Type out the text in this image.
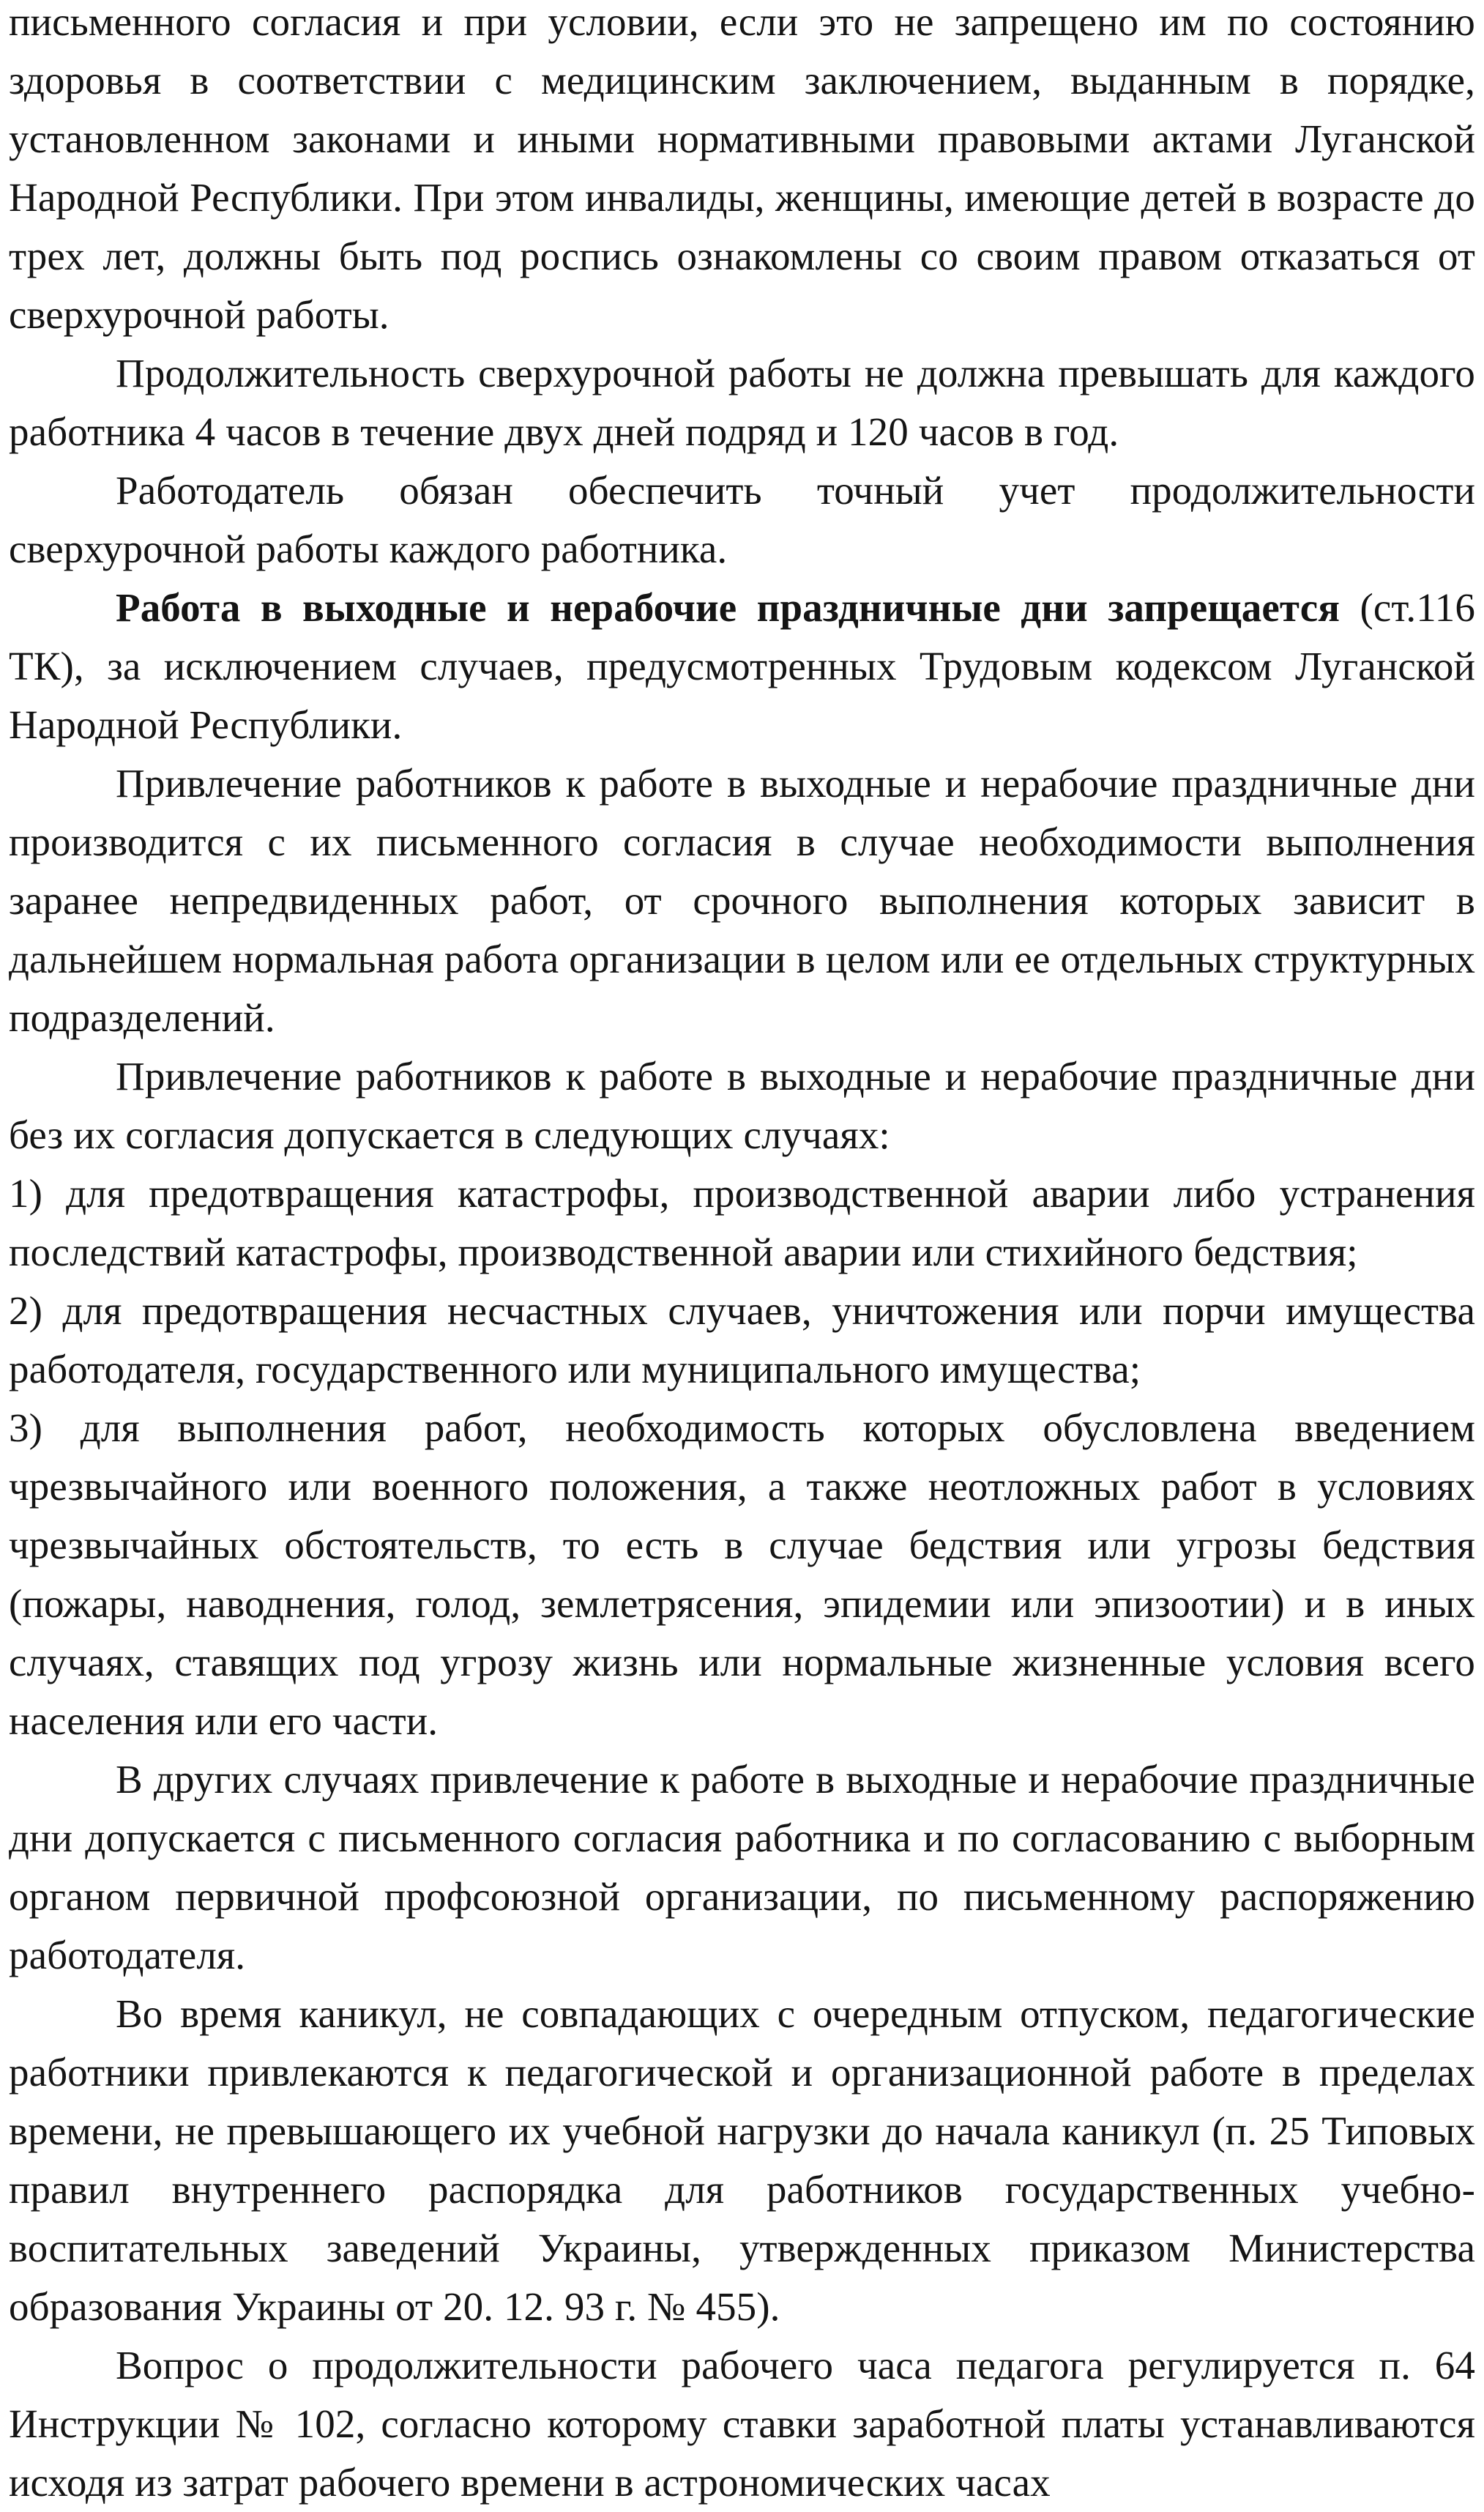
письменного согласия и при условии, если это не запрещено им по состоянию здоровья в соответствии с медицинским заключением, выданным в порядке, установленном законами и иными нормативными правовыми актами Луганской Народной Республики. При этом инвалиды, женщины, имеющие детей в возрасте до трех лет, должны быть под роспись ознакомлены со своим правом отказаться от сверхурочной работы.

Продолжительность сверхурочной работы не должна превышать для каждого работника 4 часов в течение двух дней подряд и 120 часов в год.

Работодатель обязан обеспечить точный учет продолжительности сверхурочной работы каждого работника.

Работа в выходные и нерабочие праздничные дни запрещается (ст.116 ТК), за исключением случаев, предусмотренных Трудовым кодексом Луганской Народной Республики.

Привлечение работников к работе в выходные и нерабочие праздничные дни производится с их письменного согласия в случае необходимости выполнения заранее непредвиденных работ, от срочного выполнения которых зависит в дальнейшем нормальная работа организации в целом или ее отдельных структурных подразделений.

Привлечение работников к работе в выходные и нерабочие праздничные дни без их согласия допускается в следующих случаях:

1) для предотвращения катастрофы, производственной аварии либо устранения последствий катастрофы, производственной аварии или стихийного бедствия;

2) для предотвращения несчастных случаев, уничтожения или порчи имущества работодателя, государственного или муниципального имущества;

3) для выполнения работ, необходимость которых обусловлена введением чрезвычайного или военного положения, а также неотложных работ в условиях чрезвычайных обстоятельств, то есть в случае бедствия или угрозы бедствия (пожары, наводнения, голод, землетрясения, эпидемии или эпизоотии) и в иных случаях, ставящих под угрозу жизнь или нормальные жизненные условия всего населения или его части.

В других случаях привлечение к работе в выходные и нерабочие праздничные дни допускается с письменного согласия работника и по согласованию с выборным органом первичной профсоюзной организации, по письменному распоряжению работодателя.

Во время каникул, не совпадающих с очередным отпуском, педагогические работники привлекаются к педагогической и организационной работе в пределах времени, не превышающего их учебной нагрузки до начала каникул (п. 25 Типовых правил внутреннего распорядка для работников государственных учебно-воспитательных заведений Украины, утвержденных приказом Министерства образования Украины от 20. 12. 93 г. № 455).

Вопрос о продолжительности рабочего часа педагога регулируется п. 64 Инструкции № 102, согласно которому ставки заработной платы устанавливаются исходя из затрат рабочего времени в астрономических часах
